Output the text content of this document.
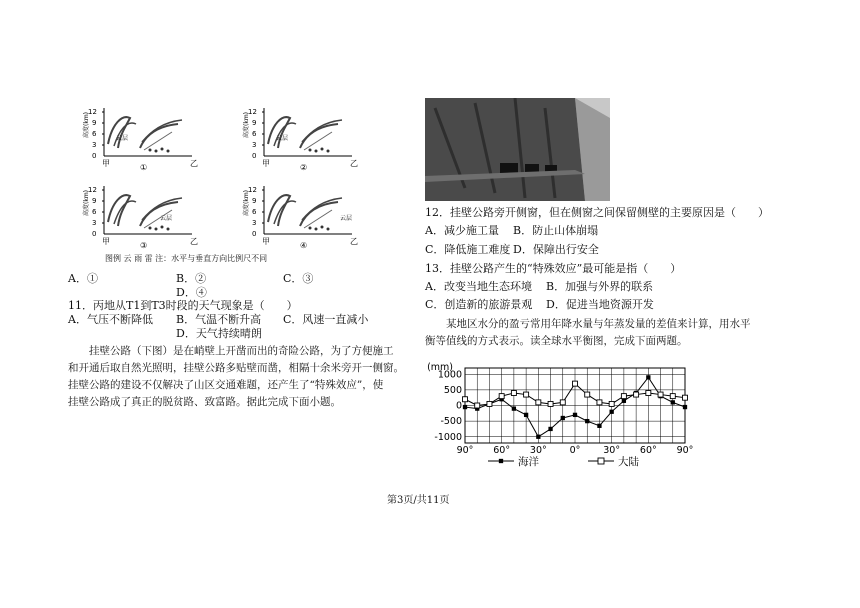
12
9
6
3
0
12
9
6
3
0
12
9
6
3
0
12
9
6
3
0
甲	乙
①	甲	乙
②
甲	乙
③	甲	乙
④
云层	云层
云层	云层
高度(km)	高度(km)
高度(km)	高度(km)
图例 云 雨 雷 注：水平与垂直方向比例尺不同
A．①	B．②	C．③
D．④
11．丙地从T1到T3时段的天气现象是（　　）
A．气压不断降低 B．气温不断升高 C．风速一直减小
D．天气持续晴朗
　　挂壁公路（下图）是在峭壁上开凿而出的奇险公路，为了方便施工
和开通后取自然光照明，挂壁公路多贴壁而凿，相隔十余米旁开一侧窗。
挂壁公路的建设不仅解决了山区交通难题，还产生了“特殊效应”，使
挂壁公路成了真正的脱贫路、致富路。据此完成下面小题。
12．挂壁公路旁开侧窗，但在侧窗之间保留侧壁的主要原因是（　　）
A．减少施工量 B．防止山体崩塌
C．降低施工难度 D．保障出行安全
13．挂壁公路产生的“特殊效应”最可能是指（　　）
A．改变当地生态环境 B．加强与外界的联系
C．创造新的旅游景观 D．促进当地资源开发
　　某地区水分的盈亏常用年降水量与年蒸发量的差值来计算，用水平
衡等值线的方式表示。读全球水平衡图，完成下面两题。
1000
500
0
-500
-1000
(mm)
90° 60° 30° 0° 30° 60° 90°
海洋	大陆
第3页/共11页
